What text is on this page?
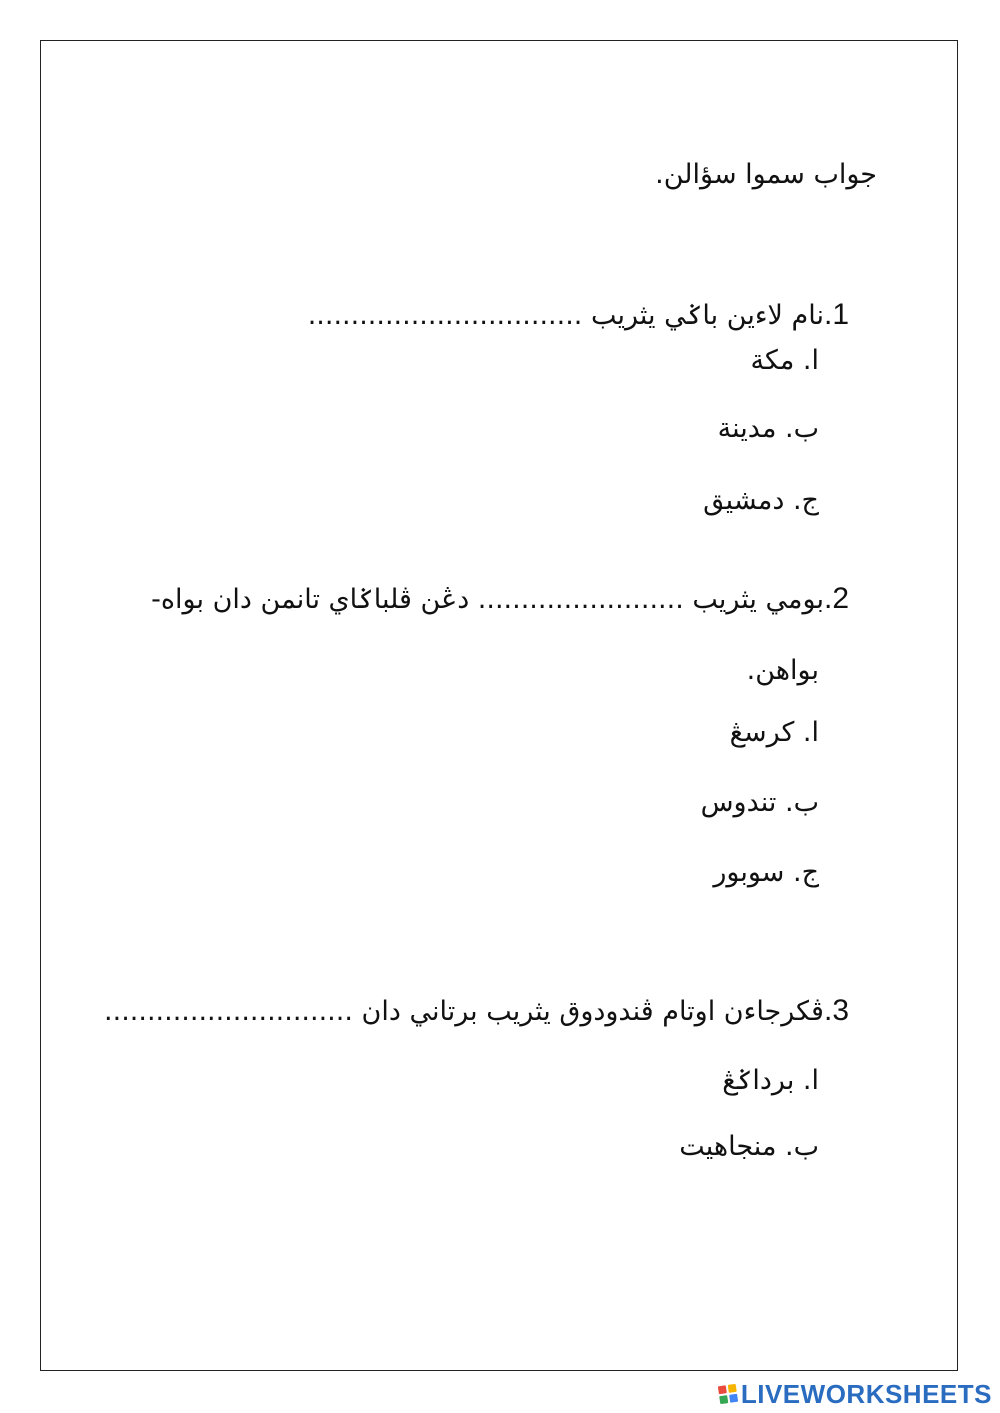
جواب سموا سؤالن.
1.نام لاءين باݢي يثريب ................................
ا. مكة
ب. مدينة
ج. دمشيق
2.بومي يثريب ........................ دڠن ڤلباݢاي تانمن دان بواه-
بواهن.
ا. كرسڠ
ب. تندوس
ج. سوبور
3.ڤكرجاءن اوتام ڤندودوق يثريب برتاني دان .............................
ا. برداݢڠ
ب. منجاهيت
LIVEWORKSHEETS
